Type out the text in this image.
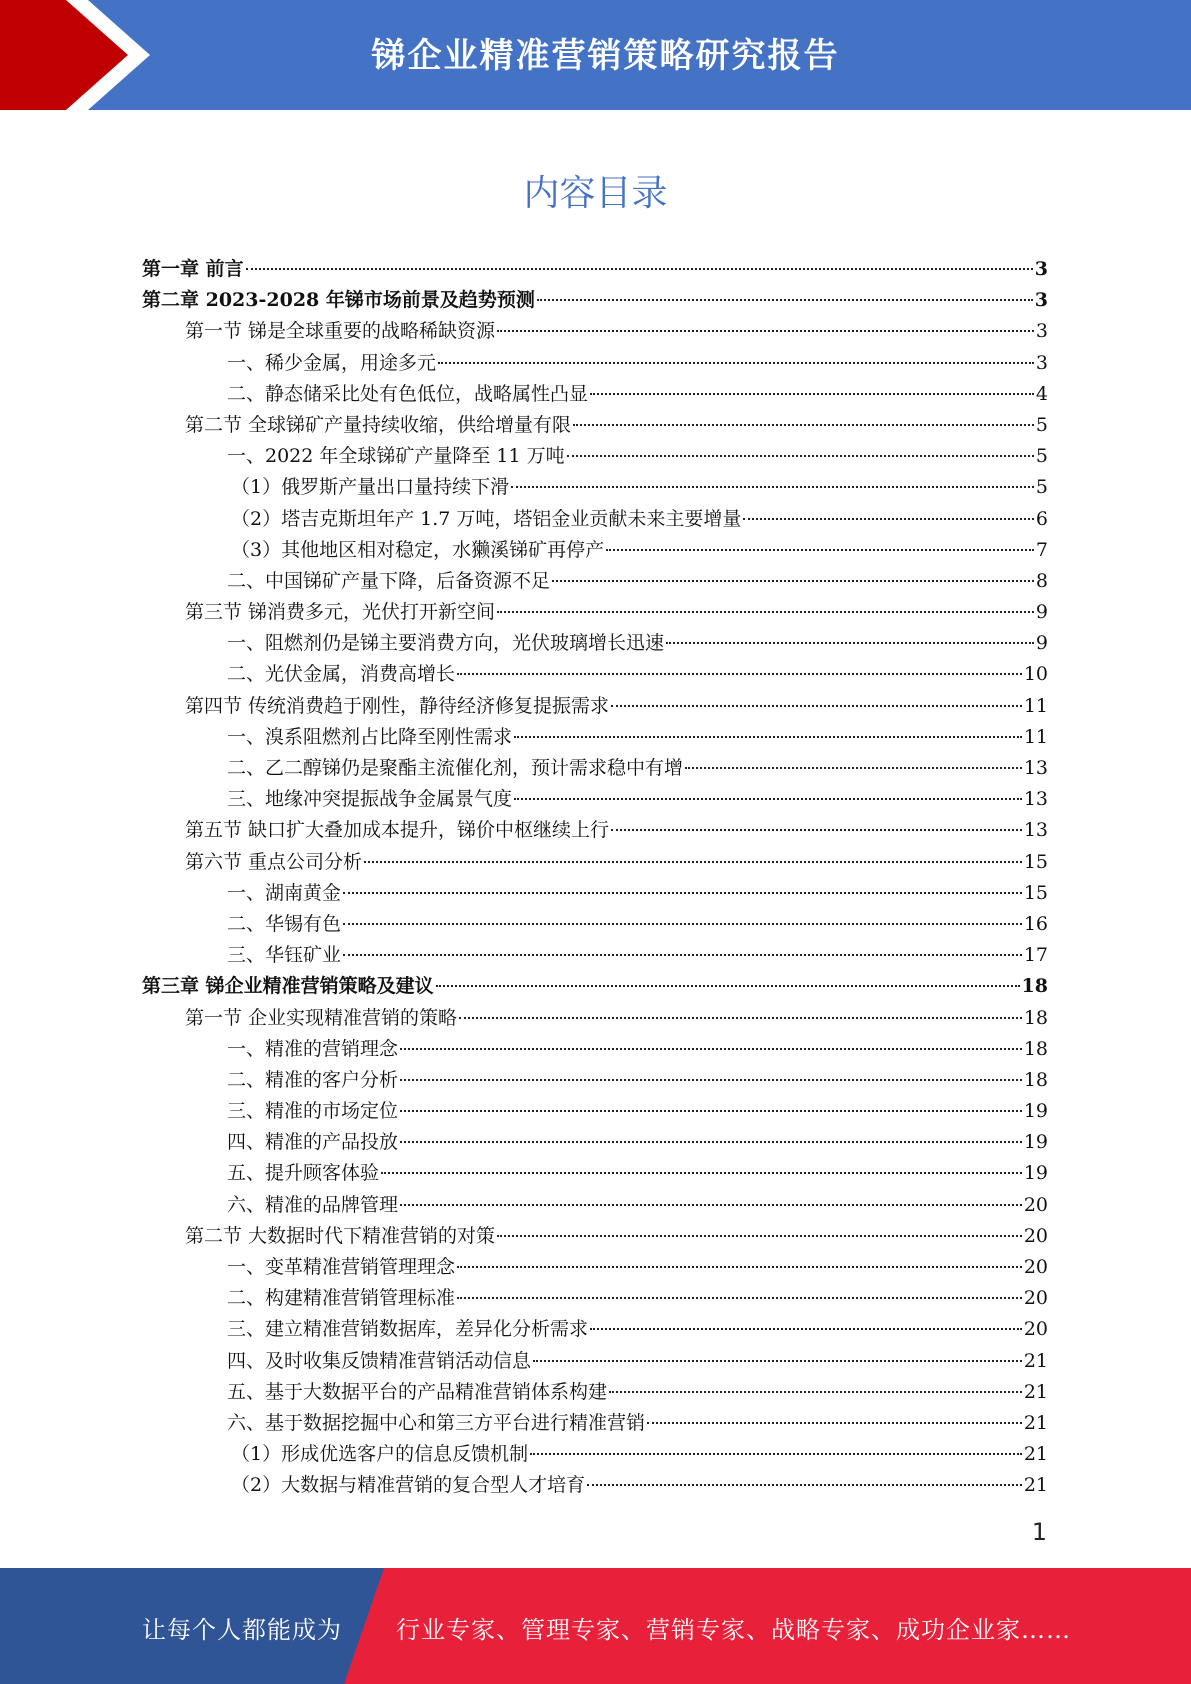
锑企业精准营销策略研究报告
内容目录
第一章 前言	3
第二章 2023-2028 年锑市场前景及趋势预测	3
第一节 锑是全球重要的战略稀缺资源	3
一、稀少金属，用途多元	3
二、静态储采比处有色低位，战略属性凸显	4
第二节 全球锑矿产量持续收缩，供给增量有限	5
一、2022 年全球锑矿产量降至 11 万吨	5
（1）俄罗斯产量出口量持续下滑	5
（2）塔吉克斯坦年产 1.7 万吨，塔铝金业贡献未来主要增量	6
（3）其他地区相对稳定，水獭溪锑矿再停产	7
二、中国锑矿产量下降，后备资源不足	8
第三节 锑消费多元，光伏打开新空间	9
一、阻燃剂仍是锑主要消费方向，光伏玻璃增长迅速	9
二、光伏金属，消费高增长	10
第四节 传统消费趋于刚性，静待经济修复提振需求	11
一、溴系阻燃剂占比降至刚性需求	11
二、乙二醇锑仍是聚酯主流催化剂，预计需求稳中有增	13
三、地缘冲突提振战争金属景气度	13
第五节 缺口扩大叠加成本提升，锑价中枢继续上行	13
第六节 重点公司分析	15
一、湖南黄金	15
二、华锡有色	16
三、华钰矿业	17
第三章 锑企业精准营销策略及建议	18
第一节 企业实现精准营销的策略	18
一、精准的营销理念	18
二、精准的客户分析	18
三、精准的市场定位	19
四、精准的产品投放	19
五、提升顾客体验	19
六、精准的品牌管理	20
第二节 大数据时代下精准营销的对策	20
一、变革精准营销管理理念	20
二、构建精准营销管理标准	20
三、建立精准营销数据库，差异化分析需求	20
四、及时收集反馈精准营销活动信息	21
五、基于大数据平台的产品精准营销体系构建	21
六、基于数据挖掘中心和第三方平台进行精准营销	21
（1）形成优选客户的信息反馈机制	21
（2）大数据与精准营销的复合型人才培育	21
1
让每个人都能成为 行业专家、管理专家、营销专家、战略专家、成功企业家……
